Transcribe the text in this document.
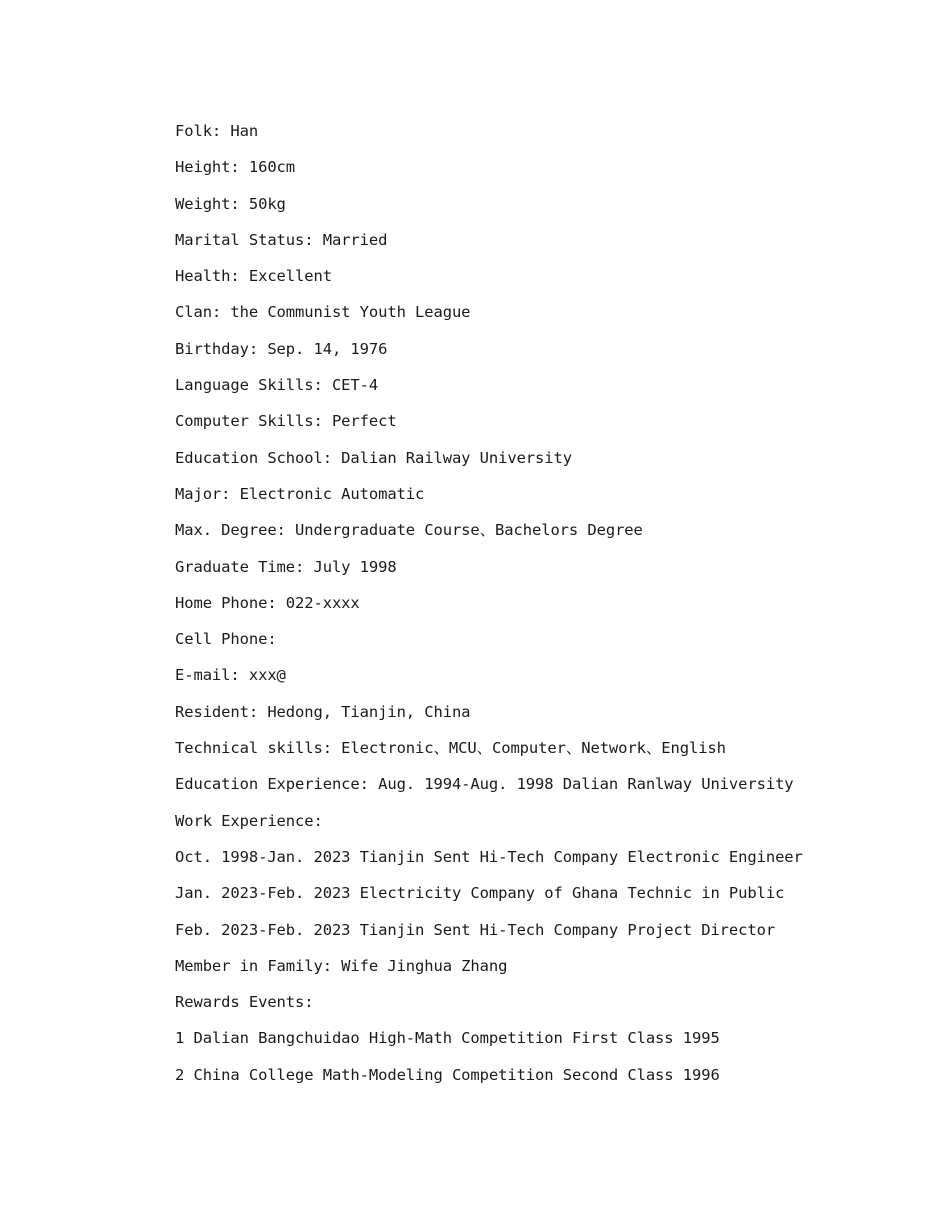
Folk: Han
Height: 160cm
Weight: 50kg
Marital Status: Married
Health: Excellent
Clan: the Communist Youth League
Birthday: Sep. 14, 1976
Language Skills: CET-4
Computer Skills: Perfect
Education School: Dalian Railway University
Major: Electronic Automatic
Max. Degree: Undergraduate Course、Bachelors Degree
Graduate Time: July 1998
Home Phone: 022-xxxx
Cell Phone:
E-mail: xxx@
Resident: Hedong, Tianjin, China
Technical skills: Electronic、MCU、Computer、Network、English
Education Experience: Aug. 1994-Aug. 1998 Dalian Ranlway University
Work Experience:
Oct. 1998-Jan. 2023 Tianjin Sent Hi-Tech Company Electronic Engineer
Jan. 2023-Feb. 2023 Electricity Company of Ghana Technic in Public
Feb. 2023-Feb. 2023 Tianjin Sent Hi-Tech Company Project Director
Member in Family: Wife Jinghua Zhang
Rewards Events:
1 Dalian Bangchuidao High-Math Competition First Class 1995
2 China College Math-Modeling Competition Second Class 1996
